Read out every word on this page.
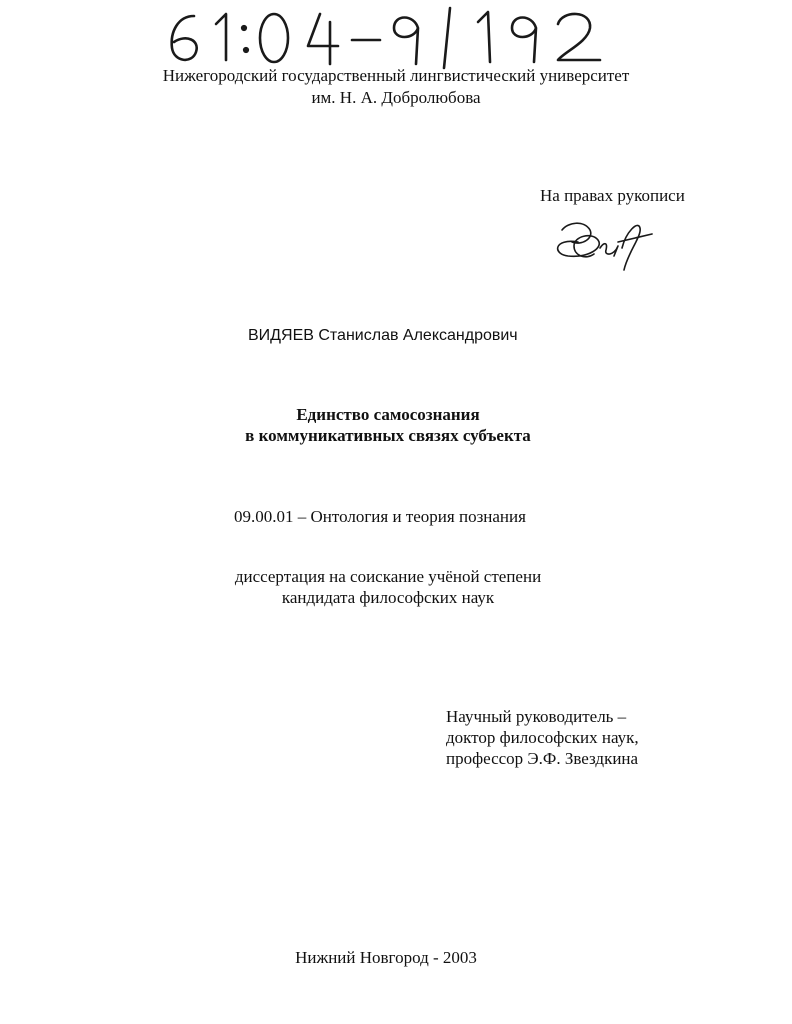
Нижегородский государственный лингвистический университет
им. Н. А. Добролюбова
На правах рукописи
ВИДЯЕВ Станислав Александрович
Единство самосознания
в коммуникативных связях субъекта
09.00.01 – Онтология и теория познания
диссертация на соискание учёной степени
кандидата философских наук
Научный руководитель –
доктор философских наук,
профессор Э.Ф. Звездкина
Нижний Новгород - 2003
